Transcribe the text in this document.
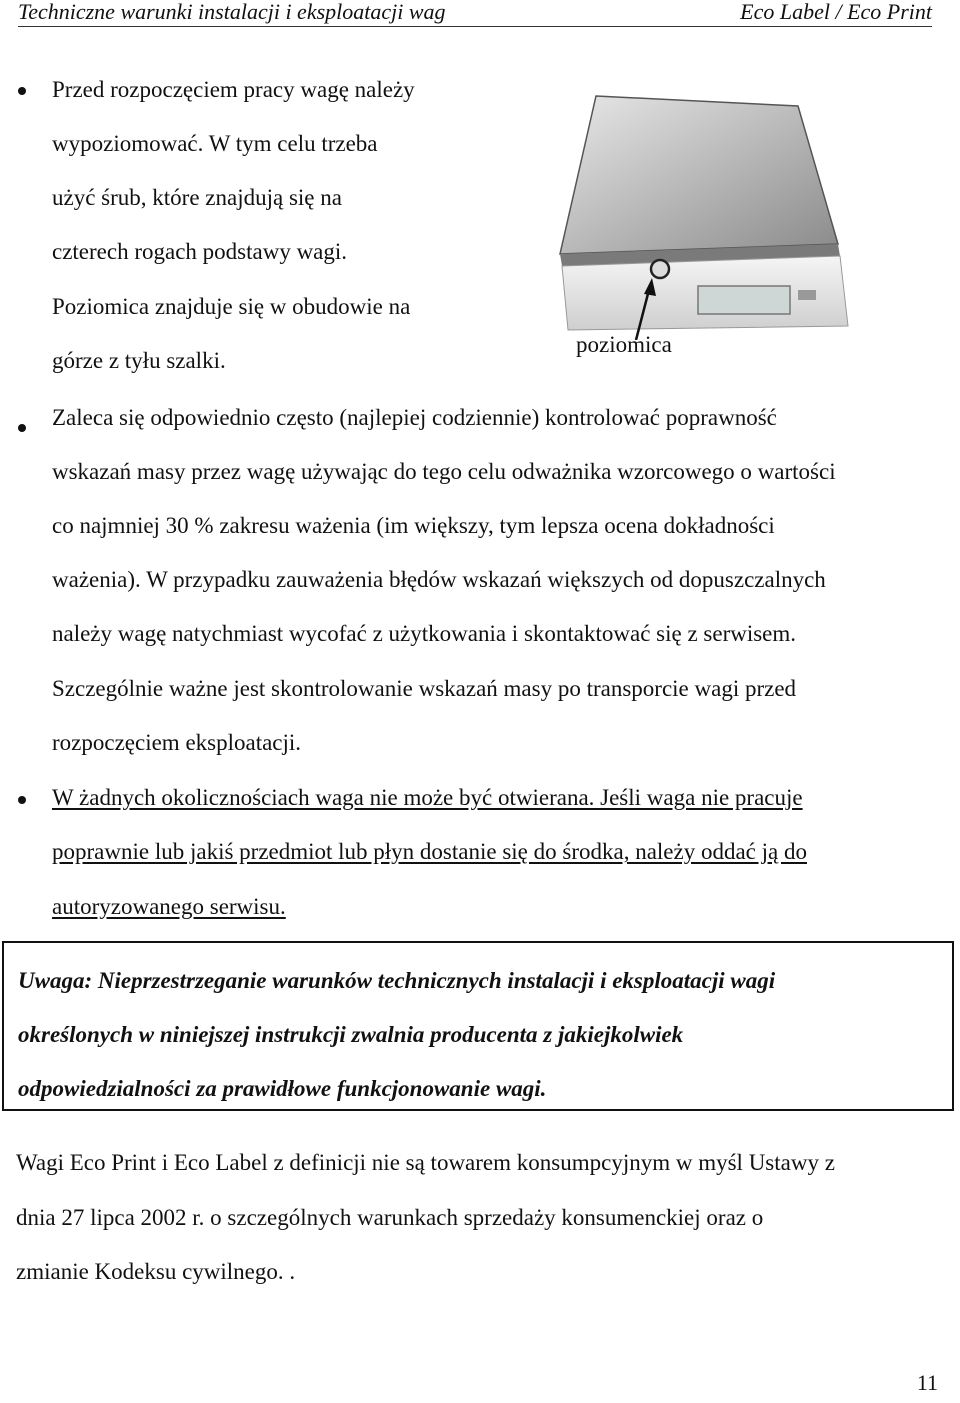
Techniczne warunki instalacji i eksploatacji wag	Eco Label / Eco Print
Przed rozpoczęciem pracy wagę należy
wypoziomować. W tym celu trzeba
użyć śrub, które znajdują się na
czterech rogach podstawy wagi.
Poziomica znajduje się w obudowie na
górze z tyłu szalki.
poziomica
Zaleca się odpowiednio często (najlepiej codziennie) kontrolować poprawność
wskazań masy przez wagę używając do tego celu odważnika wzorcowego o wartości
co najmniej 30 % zakresu ważenia (im większy, tym lepsza ocena dokładności
ważenia). W przypadku zauważenia błędów wskazań większych od dopuszczalnych
należy wagę natychmiast wycofać z użytkowania i skontaktować się z serwisem.
Szczególnie ważne jest skontrolowanie wskazań masy po transporcie wagi przed
rozpoczęciem eksploatacji.
W żadnych okolicznościach waga nie może być otwierana. Jeśli waga nie pracuje
poprawnie lub jakiś przedmiot lub płyn dostanie się do środka, należy oddać ją do
autoryzowanego serwisu.
Uwaga: Nieprzestrzeganie warunków technicznych instalacji i eksploatacji wagi
określonych w niniejszej instrukcji zwalnia producenta z jakiejkolwiek
odpowiedzialności za prawidłowe funkcjonowanie wagi.
Wagi Eco Print i Eco Label z definicji nie są towarem konsumpcyjnym w myśl Ustawy z
dnia 27 lipca 2002 r. o szczególnych warunkach sprzedaży konsumenckiej oraz o
zmianie Kodeksu cywilnego. .
11
